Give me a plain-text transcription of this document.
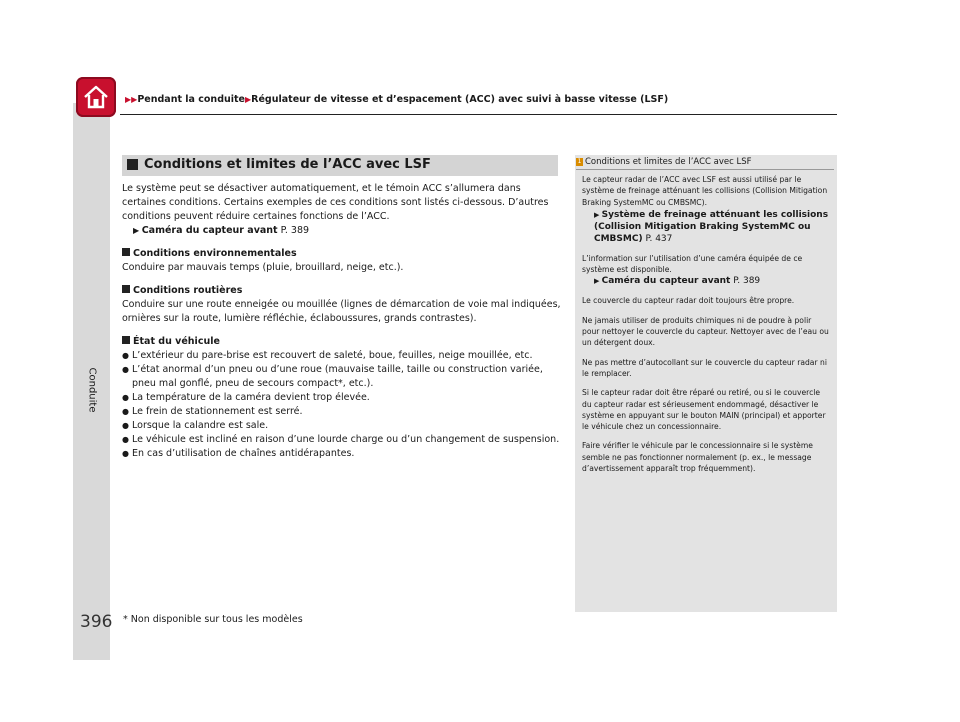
Conduite
▶▶Pendant la conduite▶Régulateur de vitesse et d’espacement (ACC) avec suivi à basse vitesse (LSF)
Conditions et limites de l’ACC avec LSF

Le système peut se désactiver automatiquement, et le témoin ACC s’allumera dans certaines conditions. Certains exemples de ces conditions sont listés ci-dessous. D’autres conditions peuvent réduire certaines fonctions de l’ACC.

▶ Caméra du capteur avant P. 389
Conditions environnementales

Conduire par mauvais temps (pluie, brouillard, neige, etc.).

Conditions routières

Conduire sur une route enneigée ou mouillée (lignes de démarcation de voie mal indiquées, ornières sur la route, lumière réfléchie, éclaboussures, grands contrastes).

État du véhicule
● L’extérieur du pare-brise est recouvert de saleté, boue, feuilles, neige mouillée, etc.
● L’état anormal d’un pneu ou d’une roue (mauvaise taille, taille ou construction variée, pneu mal gonflé, pneu de secours compact*, etc.).
● La température de la caméra devient trop élevée.
● Le frein de stationnement est serré.
● Lorsque la calandre est sale.
● Le véhicule est incliné en raison d’une lourde charge ou d’un changement de suspension.
● En cas d’utilisation de chaînes antidérapantes.
1 Conditions et limites de l’ACC avec LSF

Le capteur radar de l’ACC avec LSF est aussi utilisé par le système de freinage atténuant les collisions (Collision Mitigation Braking SystemMC ou CMBSMC).

▶ Système de freinage atténuant les collisions (Collision Mitigation Braking SystemMC ou CMBSMC) P. 437

L’information sur l’utilisation d’une caméra équipée de ce système est disponible.

▶ Caméra du capteur avant P. 389

Le couvercle du capteur radar doit toujours être propre.

Ne jamais utiliser de produits chimiques ni de poudre à polir pour nettoyer le couvercle du capteur. Nettoyer avec de l’eau ou un détergent doux.

Ne pas mettre d’autocollant sur le couvercle du capteur radar ni le remplacer.

Si le capteur radar doit être réparé ou retiré, ou si le couvercle du capteur radar est sérieusement endommagé, désactiver le système en appuyant sur le bouton MAIN (principal) et apporter le véhicule chez un concessionnaire.

Faire vérifier le véhicule par le concessionnaire si le système semble ne pas fonctionner normalement (p. ex., le message d’avertissement apparaît trop fréquemment).

396 * Non disponible sur tous les modèles
